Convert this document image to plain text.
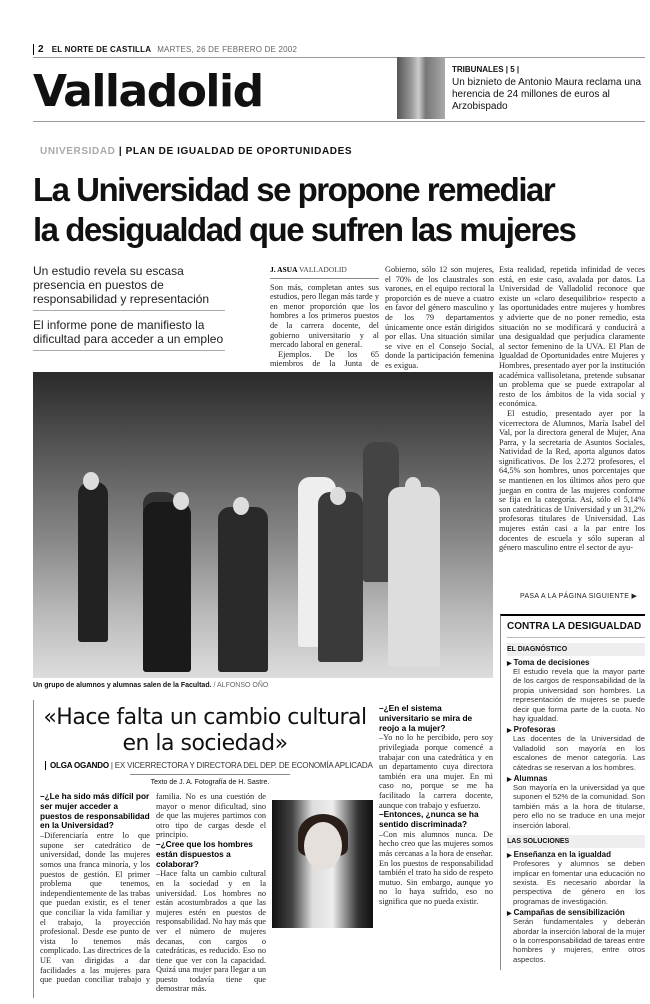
2 EL NORTE DE CASTILLA MARTES, 26 DE FEBRERO DE 2002
Valladolid	TRIBUNALES | 5 |
Un biznieto de Antonio Maura reclama una herencia de 24 millones de euros al Arzobispado
UNIVERSIDAD | PLAN DE IGUALDAD DE OPORTUNIDADES
La Universidad se propone remediar
la desigualdad que sufren las mujeres
Un estudio revela su escasa presencia en puestos de responsabilidad y representación
El informe pone de manifiesto la dificultad para acceder a un empleo
J. ASUA VALLADOLID

Son más, completan antes sus estudios, pero llegan más tarde y en menor proporción que los hombres a los primeros puestos de la carrera docente, del gobierno universitario y al mercado laboral en general.

Ejemplos. De los 65 miembros de la Junta de Gobierno, sólo 12 son mujeres, el 70% de los claustrales son varones, en el equipo rectoral la proporción es de nueve a cuatro en favor del género masculino y de los 79 departamentos únicamente once están dirigidos por ellas. Una situación similar se vive en el Consejo Social, donde la participación femenina es exigua.

Esta realidad, repetida infinidad de veces está, en este caso, avalada por datos. La Universidad de Valladolid reconoce que existe un «claro desequilibrio» respecto a las oportunidades entre mujeres y hombres y advierte que de no poner remedio, esta situación no se modificará y conducirá a una desigualdad que perjudica claramente al sector femenino de la UVA. El Plan de Igualdad de Oportunidades entre Mujeres y Hombres, presentado ayer por la institución académica vallisoletana, pretende subsanar un problema que se puede extrapolar al resto de los ámbitos de la vida social y económica.

El estudio, presentado ayer por la vicerrectora de Alumnos, María Isabel del Val, por la directora general de Mujer, Ana Parra, y la secretaria de Asuntos Sociales, Natividad de la Red, aporta algunos datos significativos. De los 2.272 profesores, el 64,5% son hombres, unos porcentajes que se mantienen en los últimos años pero que juegan en contra de las mujeres conforme se fija en la categoría. Así, sólo el 5,14% son catedráticas de Universidad y un 31,2% profesoras titulares de Universidad. Las mujeres están casi a la par entre los docentes de escuela y sólo superan al género masculino entre el sector de ayu-

PASA A LA PÁGINA SIGUIENTE ▶
Un grupo de alumnos y alumnas salen de la Facultad. / ALFONSO OÑO
«Hace falta un cambio cultural en la sociedad»
OLGA OGANDO | EX VICERRECTORA Y DIRECTORA DEL DEP. DE ECONOMÍA APLICADA
Texto de J. A. Fotografía de H. Sastre.

–¿Le ha sido más difícil por ser mujer acceder a puestos de responsabilidad en la Universidad?

–Diferenciaría entre lo que supone ser catedrático de universidad, donde las mujeres somos una franca minoría, y los puestos de gestión. El primer problema que tenemos, independientemente de las trabas que puedan existir, es el tener que conciliar la vida familiar y el trabajo, la proyección profesional. Desde ese punto de vista lo tenemos más complicado. Las directrices de la UE van dirigidas a dar facilidades a las mujeres para que puedan conciliar trabajo y familia. No es una cuestión de mayor o menor dificultad, sino de que las mujeres partimos con otro tipo de cargas desde el principio.

–¿Cree que los hombres están dispuestos a colaborar?

–Hace falta un cambio cultural en la sociedad y en la universidad. Los hombres no están acostumbrados a que las mujeres estén en puestos de responsabilidad. No hay más que ver el número de mujeres decanas, con cargos o catedráticas, es reducido. Eso no tiene que ver con la capacidad. Quizá una mujer para llegar a un puesto todavía tiene que demostrar más.

–¿En el sistema universitario se mira de reojo a la mujer?

–Yo no lo he percibido, pero soy privilegiada porque comencé a trabajar con una catedrática y en un departamento cuya directora también era una mujer. En mi caso no, porque se me ha facilitado la carrera docente, aunque con trabajo y esfuerzo.

–Entonces, ¿nunca se ha sentido discriminada?

–Con mis alumnos nunca. De hecho creo que las mujeres somos más cercanas a la hora de enseñar. En los puestos de responsabilidad también el trato ha sido de respeto mutuo. Sin embargo, aunque yo no lo haya sufrido, eso no significa que no pueda existir.

CONTRA LA DESIGUALDAD
EL DIAGNÓSTICO
▶ Toma de decisiones
El estudio revela que la mayor parte de los cargos de responsabilidad de la propia universidad son hombres. La representación de mujeres se puede decir que forma parte de la cuota. No hay igualdad.
▶ Profesoras
Las docentes de la Universidad de Valladolid son mayoría en los escalones de menor categoría. Las cátedras se reservan a los hombres.
▶ Alumnas
Son mayoría en la universidad ya que suponen el 52% de la comunidad. Son también más a la hora de titularse, pero ello no se traduce en una mejor inserción laboral.
LAS SOLUCIONES
▶ Enseñanza en la igualdad
Profesores y alumnos se deben implicar en fomentar una educación no sexista. Es necesario abordar la perspectiva de género en los programas de investigación.
▶ Campañas de sensibilización
Serán fundamentales y deberán abordar la inserción laboral de la mujer o la corresponsabilidad de tareas entre hombres y mujeres, entre otros aspectos.
